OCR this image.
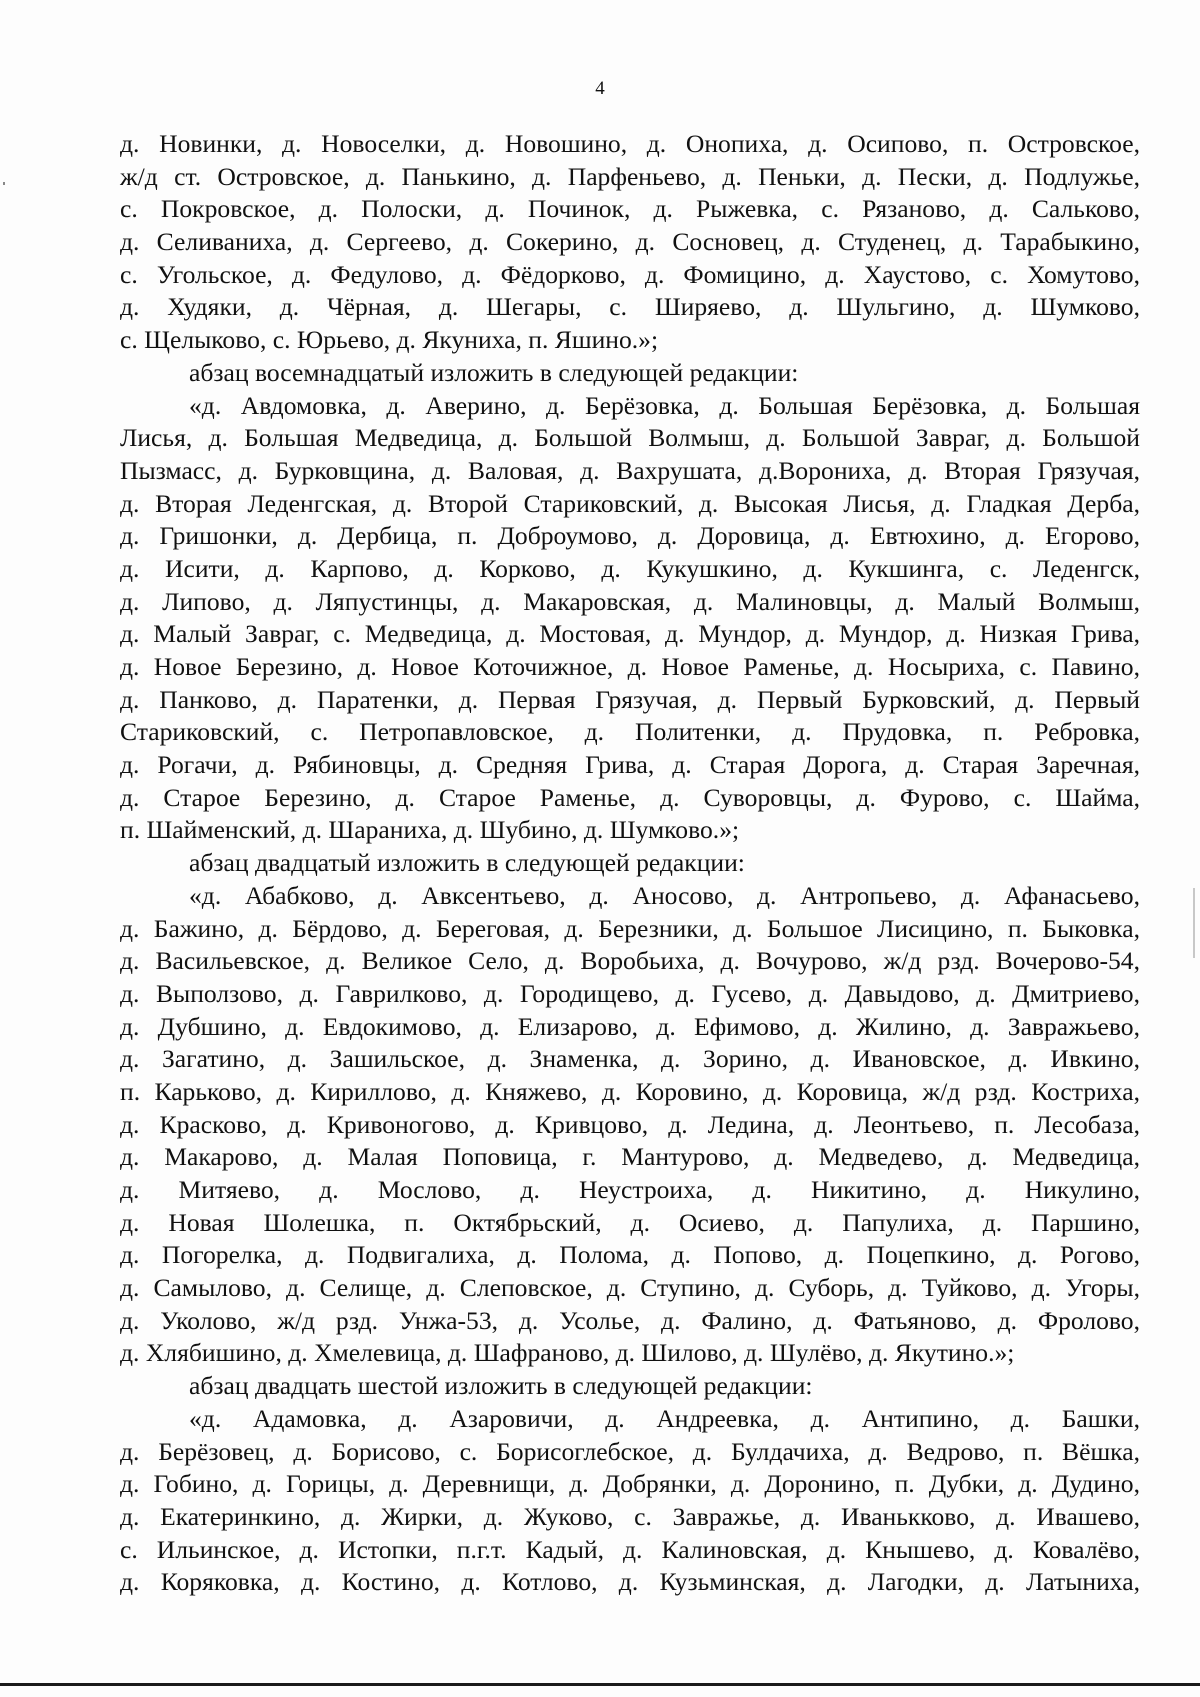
4
д. Новинки, д. Новоселки, д. Новошино, д. Онопиха, д. Осипово, п. Островское,
ж/д ст. Островское, д. Панькино, д. Парфеньево, д. Пеньки, д. Пески, д. Подлужье,
с. Покровское, д. Полоски, д. Починок, д. Рыжевка, с. Рязаново, д. Сальково,
д. Селиваниха, д. Сергеево, д. Сокерино, д. Сосновец, д. Студенец, д. Тарабыкино,
с. Угольское, д. Федулово, д. Фёдорково, д. Фомицино, д. Хаустово, с. Хомутово,
д. Худяки, д. Чёрная, д. Шегары, с. Ширяево, д. Шульгино, д. Шумково,
с. Щелыково, с. Юрьево, д. Якуниха, п. Яшино.»;
абзац восемнадцатый изложить в следующей редакции:
«д. Авдомовка, д. Аверино, д. Берёзовка, д. Большая Берёзовка, д. Большая
Лисья, д. Большая Медведица, д. Большой Волмыш, д. Большой Завраг, д. Большой
Пызмасс, д. Бурковщина, д. Валовая, д. Вахрушата, д.Ворониха, д. Вторая Грязучая,
д. Вторая Леденгская, д. Второй Стариковский, д. Высокая Лисья, д. Гладкая Дерба,
д. Гришонки, д. Дербица, п. Доброумово, д. Доровица, д. Евтюхино, д. Егорово,
д. Исити, д. Карпово, д. Корково, д. Кукушкино, д. Кукшинга, с. Леденгск,
д. Липово, д. Ляпустинцы, д. Макаровская, д. Малиновцы, д. Малый Волмыш,
д. Малый Завраг, с. Медведица, д. Мостовая, д. Мундор, д. Мундор, д. Низкая Грива,
д. Новое Березино, д. Новое Коточижное, д. Новое Раменье, д. Носыриха, с. Павино,
д. Панково, д. Паратенки, д. Первая Грязучая, д. Первый Бурковский, д. Первый
Стариковский, с. Петропавловское, д. Политенки, д. Прудовка, п. Ребровка,
д. Рогачи, д. Рябиновцы, д. Средняя Грива, д. Старая Дорога, д. Старая Заречная,
д. Старое Березино, д. Старое Раменье, д. Суворовцы, д. Фурово, с. Шайма,
п. Шайменский, д. Шараниха, д. Шубино, д. Шумково.»;
абзац двадцатый изложить в следующей редакции:
«д. Абабково, д. Авксентьево, д. Аносово, д. Антропьево, д. Афанасьево,
д. Бажино, д. Бёрдово, д. Береговая, д. Березники, д. Большое Лисицино, п. Быковка,
д. Васильевское, д. Великое Село, д. Воробьиха, д. Вочурово, ж/д рзд. Вочерово-54,
д. Выползово, д. Гаврилково, д. Городищево, д. Гусево, д. Давыдово, д. Дмитриево,
д. Дубшино, д. Евдокимово, д. Елизарово, д. Ефимово, д. Жилино, д. Завражьево,
д. Загатино, д. Зашильское, д. Знаменка, д. Зорино, д. Ивановское, д. Ивкино,
п. Карьково, д. Кириллово, д. Княжево, д. Коровино, д. Коровица, ж/д рзд. Костриха,
д. Красково, д. Кривоногово, д. Кривцово, д. Ледина, д. Леонтьево, п. Лесобаза,
д. Макарово, д. Малая Поповица, г. Мантурово, д. Медведево, д. Медведица,
д. Митяево, д. Мослово, д. Неустроиха, д. Никитино, д. Никулино,
д. Новая Шолешка, п. Октябрьский, д. Осиево, д. Папулиха, д. Паршино,
д. Погорелка, д. Подвигалиха, д. Полома, д. Попово, д. Поцепкино, д. Рогово,
д. Самылово, д. Селище, д. Слеповское, д. Ступино, д. Суборь, д. Туйково, д. Угоры,
д. Уколово, ж/д рзд. Унжа-53, д. Усолье, д. Фалино, д. Фатьяново, д. Фролово,
д. Хлябишино, д. Хмелевица, д. Шафраново, д. Шилово, д. Шулёво, д. Якутино.»;
абзац двадцать шестой изложить в следующей редакции:
«д. Адамовка, д. Азаровичи, д. Андреевка, д. Антипино, д. Башки,
д. Берёзовец, д. Борисово, с. Борисоглебское, д. Булдачиха, д. Ведрово, п. Вёшка,
д. Гобино, д. Горицы, д. Деревнищи, д. Добрянки, д. Доронино, п. Дубки, д. Дудино,
д. Екатеринкино, д. Жирки, д. Жуково, с. Завражье, д. Иванькково, д. Ивашево,
с. Ильинское, д. Истопки, п.г.т. Кадый, д. Калиновская, д. Кнышево, д. Ковалёво,
д. Коряковка, д. Костино, д. Котлово, д. Кузьминская, д. Лагодки, д. Латыниха,
